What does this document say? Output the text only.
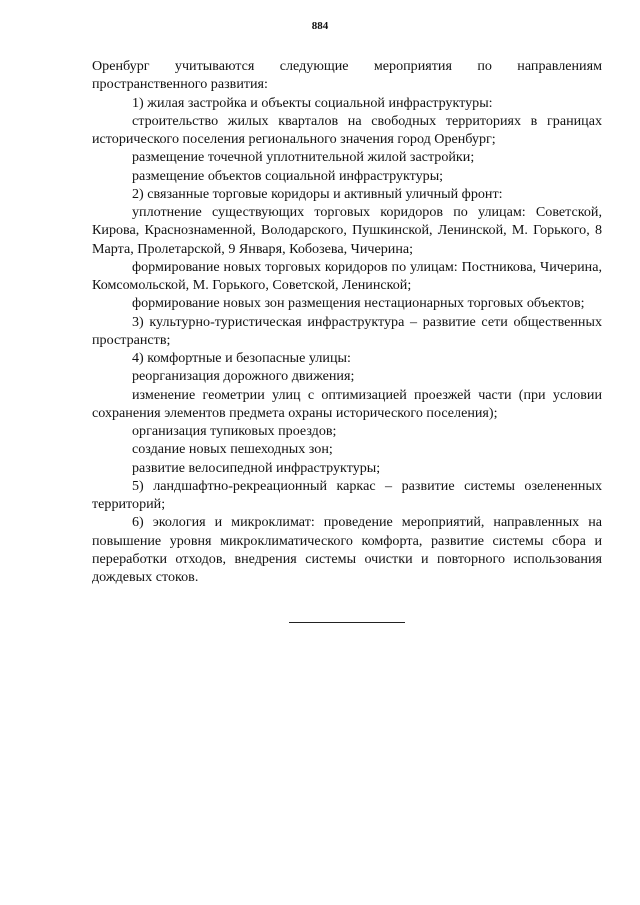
884

Оренбург учитываются следующие мероприятия по направлениям пространственного развития:

1) жилая застройка и объекты социальной инфраструктуры:

строительство жилых кварталов на свободных территориях в границах исторического поселения регионального значения город Оренбург;

размещение точечной уплотнительной жилой застройки;

размещение объектов социальной инфраструктуры;

2) связанные торговые коридоры и активный уличный фронт:

уплотнение существующих торговых коридоров по улицам: Советской, Кирова, Краснознаменной, Володарского, Пушкинской, Ленинской, М. Горького, 8 Марта, Пролетарской, 9 Января, Кобозева, Чичерина;

формирование новых торговых коридоров по улицам: Постникова, Чичерина, Комсомольской, М. Горького, Советской, Ленинской;

формирование новых зон размещения нестационарных торговых объектов;

3) культурно-туристическая инфраструктура – развитие сети общественных пространств;

4) комфортные и безопасные улицы:

реорганизация дорожного движения;

изменение геометрии улиц с оптимизацией проезжей части (при условии сохранения элементов предмета охраны исторического поселения);

организация тупиковых проездов;

создание новых пешеходных зон;

развитие велосипедной инфраструктуры;

5) ландшафтно-рекреационный каркас – развитие системы озелененных территорий;

6) экология и микроклимат: проведение мероприятий, направленных на повышение уровня микроклиматического комфорта, развитие системы сбора и переработки отходов, внедрения системы очистки и повторного использования дождевых стоков.
